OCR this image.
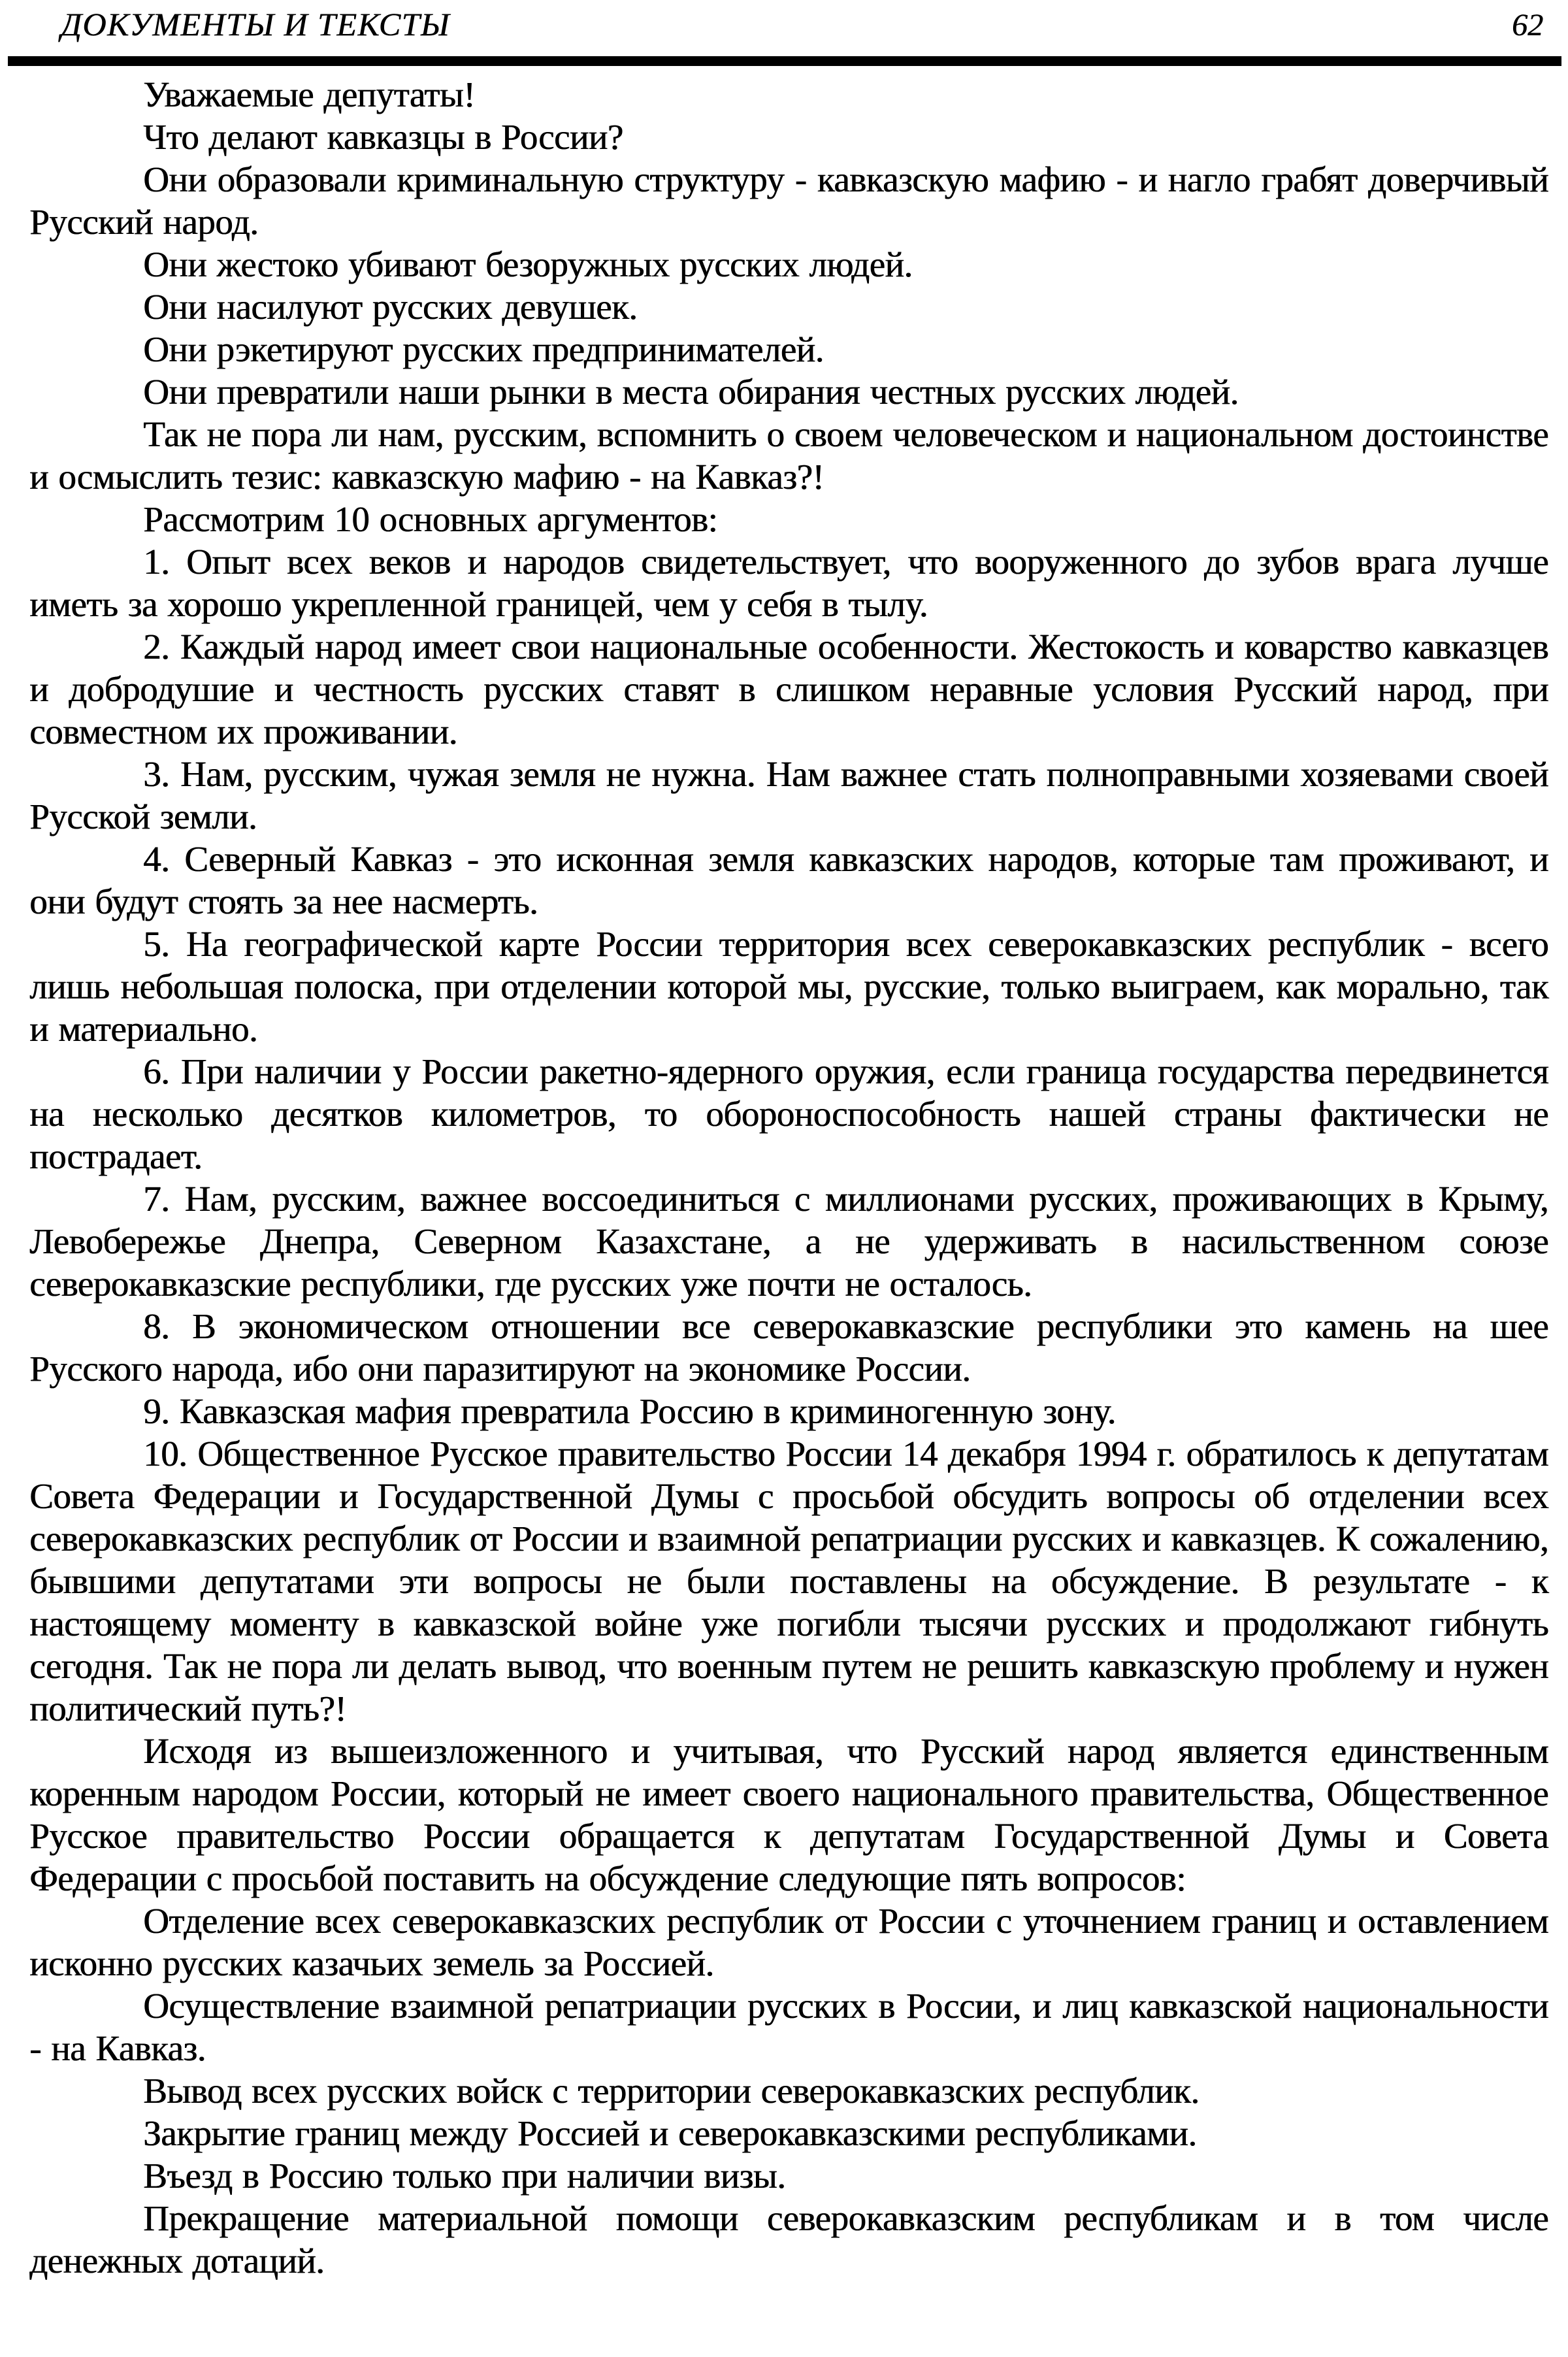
ДОКУМЕНТЫ И ТЕКСТЫ	62

Уважаемые депутаты!

Что делают кавказцы в России?

Они образовали криминальную структуру - кавказскую мафию - и нагло грабят доверчивый Русский народ.

Они жестоко убивают безоружных русских людей.

Они насилуют русских девушек.

Они рэкетируют русских предпринимателей.

Они превратили наши рынки в места обирания честных русских людей.

Так не пора ли нам, русским, вспомнить о своем человеческом и национальном достоинстве и осмыслить тезис: кавказскую мафию - на Кавказ?!

Рассмотрим 10 основных аргументов:

1. Опыт всех веков и народов свидетельствует, что вооруженного до зубов врага лучше иметь за хорошо укрепленной границей, чем у себя в тылу.

2. Каждый народ имеет свои национальные особенности. Жестокость и коварство кавказцев и добродушие и честность русских ставят в слишком неравные условия Русский народ, при совместном их проживании.

3. Нам, русским, чужая земля не нужна. Нам важнее стать полноправными хозяевами своей Русской земли.

4. Северный Кавказ - это исконная земля кавказских народов, которые там проживают, и они будут стоять за нее насмерть.

5. На географической карте России территория всех северокавказских республик - всего лишь небольшая полоска, при отделении которой мы, русские, только выиграем, как морально, так и материально.

6. При наличии у России ракетно-ядерного оружия, если граница государства передвинется на несколько десятков километров, то обороноспособность нашей страны фактически не пострадает.

7. Нам, русским, важнее воссоединиться с миллионами русских, проживающих в Крыму, Левобережье Днепра, Северном Казахстане, а не удерживать в насильственном союзе северокавказские республики, где русских уже почти не осталось.

8. В экономическом отношении все северокавказские республики это камень на шее Русского народа, ибо они паразитируют на экономике России.

9. Кавказская мафия превратила Россию в криминогенную зону.

10. Общественное Русское правительство России 14 декабря 1994 г. обратилось к депутатам Совета Федерации и Государственной Думы с просьбой обсудить вопросы об отделении всех северокавказских республик от России и взаимной репатриации русских и кавказцев. К сожалению, бывшими депутатами эти вопросы не были поставлены на обсуждение. В результате - к настоящему моменту в кавказской войне уже погибли тысячи русских и продолжают гибнуть сегодня. Так не пора ли делать вывод, что военным путем не решить кавказскую проблему и нужен политический путь?!

Исходя из вышеизложенного и учитывая, что Русский народ является единственным коренным народом России, который не имеет своего национального правительства, Общественное Русское правительство России обращается к депутатам Государственной Думы и Совета Федерации с просьбой поставить на обсуждение следующие пять вопросов:

Отделение всех северокавказских республик от России с уточнением границ и оставлением исконно русских казачьих земель за Россией.

Осуществление взаимной репатриации русских в России, и лиц кавказской национальности - на Кавказ.

Вывод всех русских войск с территории северокавказских республик.

Закрытие границ между Россией и северокавказскими республиками.

Въезд в Россию только при наличии визы.

Прекращение материальной помощи северокавказским республикам и в том числе денежных дотаций.
